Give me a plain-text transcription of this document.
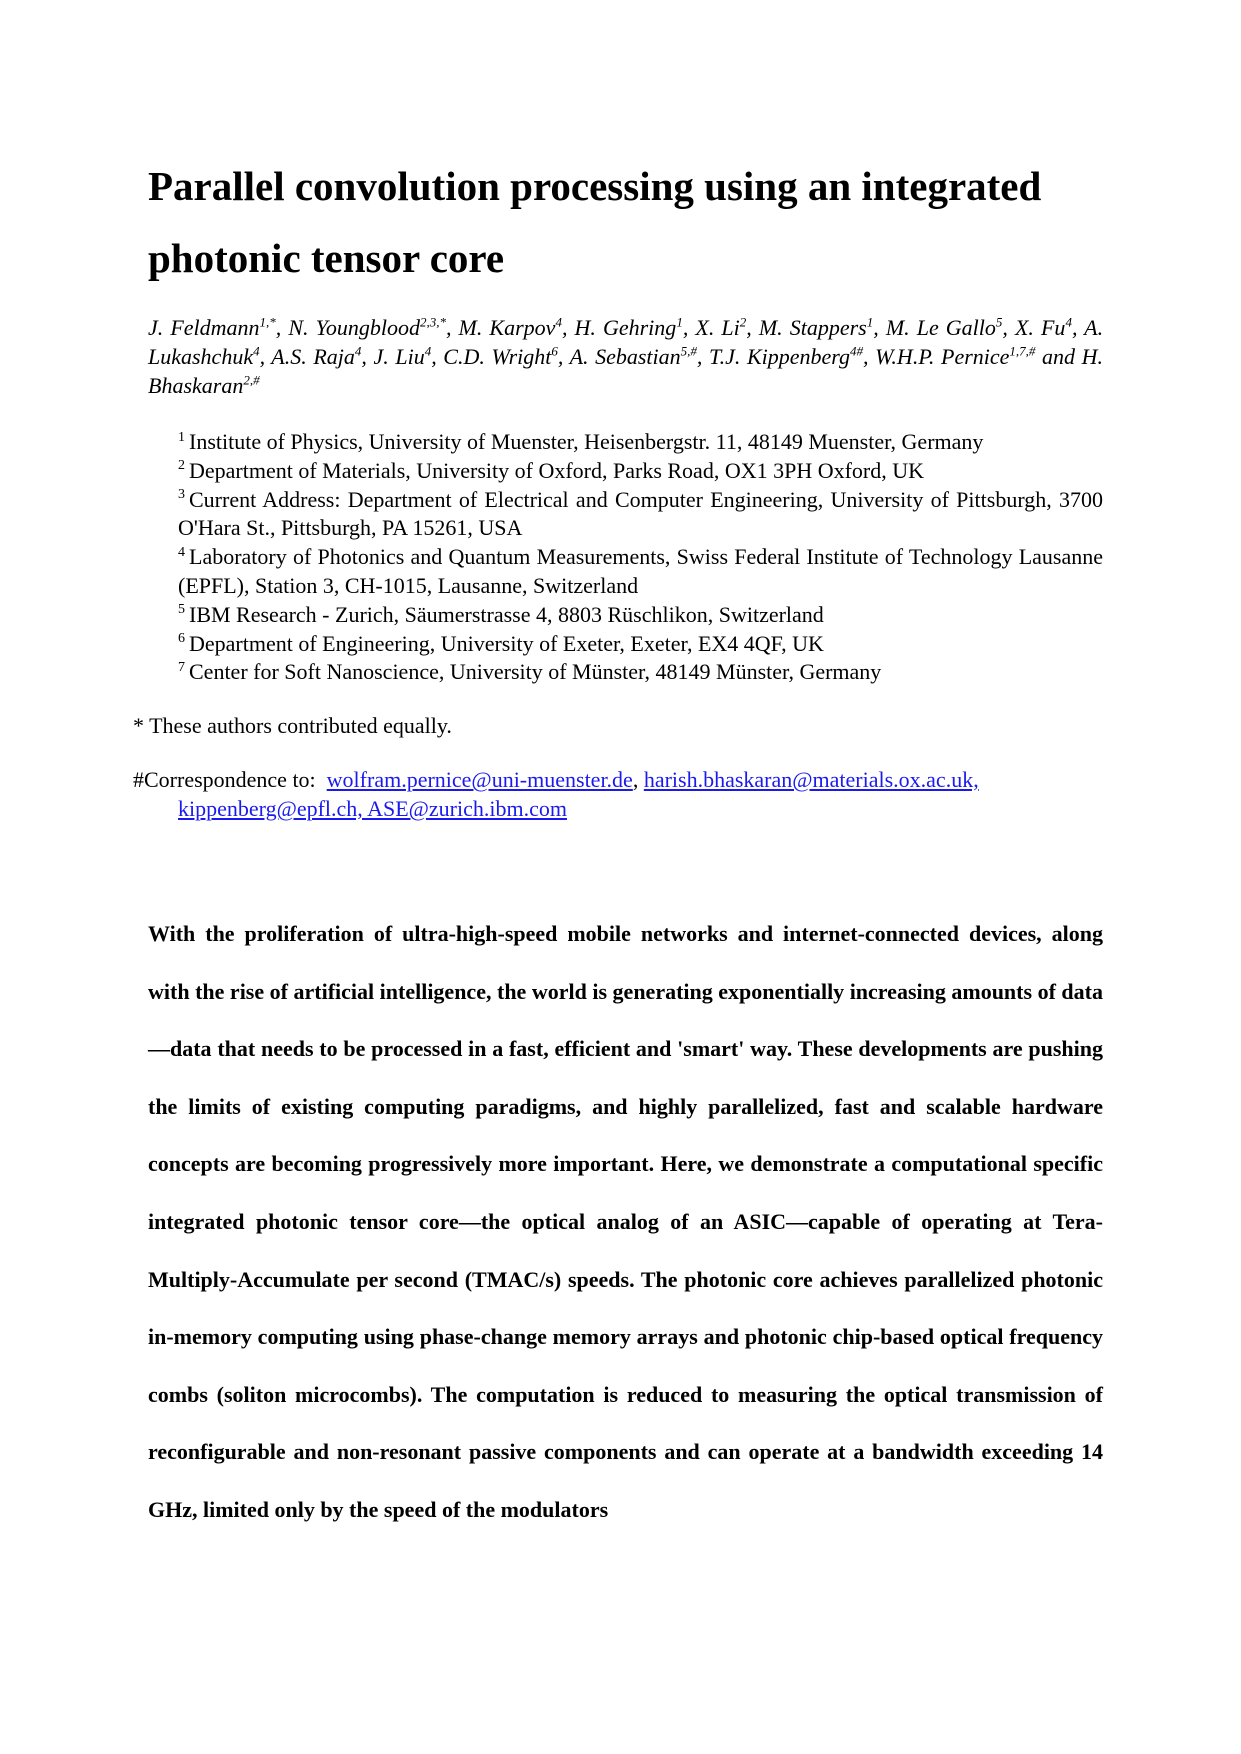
Parallel convolution processing using an integrated photonic tensor core

J. Feldmann$^{1,*}$, N. Youngblood$^{2,3,*}$, M. Karpov$^4$, H. Gehring$^1$, X. Li$^2$, M. Stappers$^1$, M. Le Gallo$^5$, X. Fu$^4$, A. Lukashchuk$^4$, A.S. Raja$^4$, J. Liu$^4$, C.D. Wright$^6$, A. Sebastian$^{5,\#}$, T.J. Kippenberg$^{4\#}$, W.H.P. Pernice$^{1,7,\#}$ and H. Bhaskaran$^{2,\#}$

$^1$ Institute of Physics, University of Muenster, Heisenbergstr. 11, 48149 Muenster, Germany
$^2$ Department of Materials, University of Oxford, Parks Road, OX1 3PH Oxford, UK
$^3$ Current Address: Department of Electrical and Computer Engineering, University of Pittsburgh, 3700 O'Hara St., Pittsburgh, PA 15261, USA
$^4$ Laboratory of Photonics and Quantum Measurements, Swiss Federal Institute of Technology Lausanne (EPFL), Station 3, CH-1015, Lausanne, Switzerland
$^5$ IBM Research - Zurich, Säumerstrasse 4, 8803 Rüschlikon, Switzerland
$^6$ Department of Engineering, University of Exeter, Exeter, EX4 4QF, UK
$^7$ Center for Soft Nanoscience, University of Münster, 48149 Münster, Germany

* These authors contributed equally.

#Correspondence to: wolfram.pernice@uni-muenster.de, harish.bhaskaran@materials.ox.ac.uk,
kippenberg@epfl.ch, ASE@zurich.ibm.com

With the proliferation of ultra-high-speed mobile networks and internet-connected devices, along with the rise of artificial intelligence, the world is generating exponentially increasing amounts of data—data that needs to be processed in a fast, efficient and 'smart' way. These developments are pushing the limits of existing computing paradigms, and highly parallelized, fast and scalable hardware concepts are becoming progressively more important. Here, we demonstrate a computational specific integrated photonic tensor core—the optical analog of an ASIC—capable of operating at Tera-Multiply-Accumulate per second (TMAC/s) speeds. The photonic core achieves parallelized photonic in-memory computing using phase-change memory arrays and photonic chip-based optical frequency combs (soliton microcombs). The computation is reduced to measuring the optical transmission of reconfigurable and non-resonant passive components and can operate at a bandwidth exceeding 14 GHz, limited only by the speed of the modulators
